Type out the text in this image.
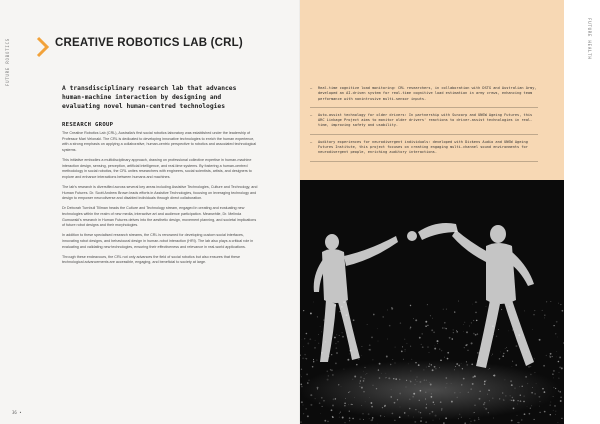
FUTURE ROBOTICS	CREATIVE ROBOTICS LAB (CRL)

A transdisciplinary research lab that advances human-machine interaction by designing and evaluating novel human-centred technologies

RESEARCH GROUP

The Creative Robotics Lab (CRL), Australia's first social robotics laboratory was established under the leadership of Professor Mari Velonaki. The CRL is dedicated to developing innovative technologies to enrich the human experience, with a strong emphasis on applying a collaborative, human-centric perspective to robotics and associated technological systems.

This initiative embodies a multidisciplinary approach, drawing on professional collective expertise in human-machine interaction design, sensing, perception, artificial intelligence, and real-time systems. By fostering a human-centred methodology in social robotics, the CRL unites researchers with engineers, social scientists, artists, and designers to explore and enhance interactions between humans and machines.

The lab's research is diversified across several key areas including Assistive Technologies, Culture and Technology, and Human Futures. Dr. Scott Andrew Brown leads efforts in Assistive Technologies, focusing on leveraging technology and design to empower neurodiverse and disabled individuals through direct collaboration.

Dr Deborah Turnbull Tillman heads the Culture and Technology stream, engaged in creating and evaluating new technologies within the realm of new media, interactive art and audience participation. Meanwhile, Dr. Melinda Gumowski's research in Human Futures delves into the aesthetic design, movement planning, and societal implications of future robot designs and their morphologies.

In addition to these specialised research streams, the CRL is renowned for developing custom social interfaces, innovating robot designs, and behavioural design in human-robot interaction (HRI). The lab also plays a critical role in evaluating and validating new technologies, ensuring their effectiveness and relevance in real-world applications.

Through these endeavours, the CRL not only advances the field of social robotics but also ensures that these technological advancements are accessible, engaging, and beneficial to society at large.

36 •
– Real-time cognitive load monitoring: CRL researchers, in collaboration with DSTG and Australian Army, developed an AI-driven system for real-time cognitive load estimation in army crews, enhancing team performance with nonintrusive multi-sensor inputs.
– Auto-assist technology for older drivers: In partnership with Suncorp and UNSW Ageing Futures, this ARC Linkage Project aims to monitor older drivers' reactions to driver-assist technologies in real-time, improving safety and usability.
– Auditory experiences for neurodivergent individuals: developed with Dickens Audio and UNSW Ageing Futures Institute, this project focuses on creating engaging multi-channel sound environments for neurodivergent people, enriching auditory interactions.
FUTURE HEALTH
